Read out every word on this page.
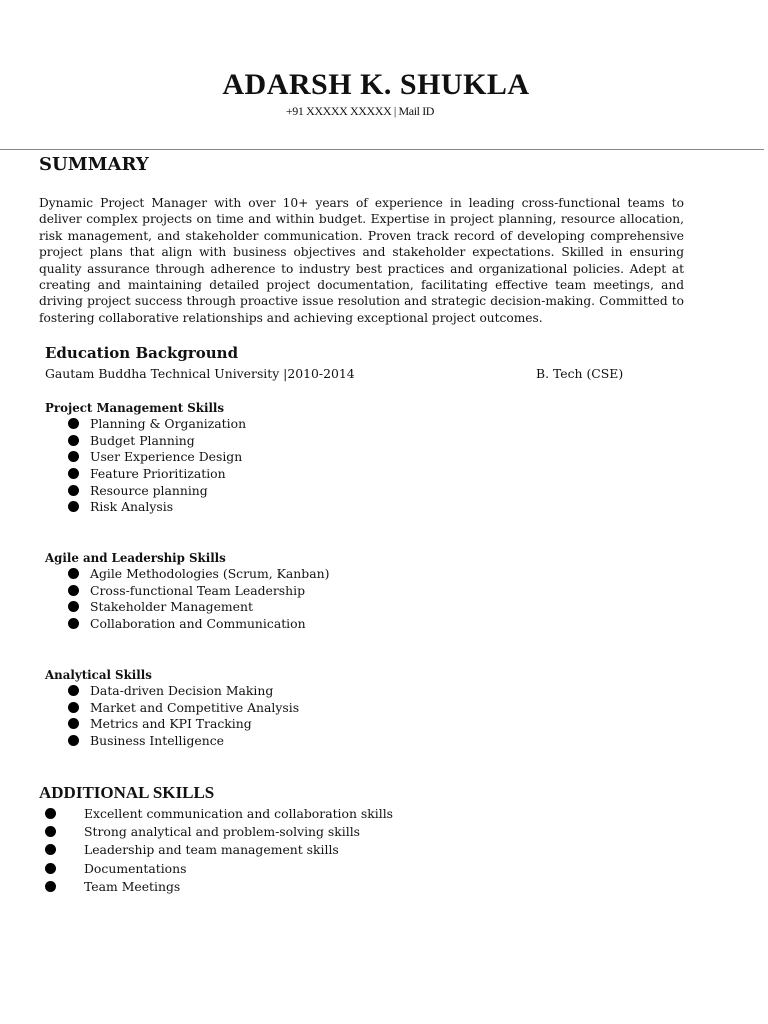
ADARSH K. SHUKLA
+91 XXXXX XXXXX | Mail ID
SUMMARY

Dynamic Project Manager with over 10+ years of experience in leading cross-functional teams to deliver complex projects on time and within budget. Expertise in project planning, resource allocation, risk management, and stakeholder communication. Proven track record of developing comprehensive project plans that align with business objectives and stakeholder expectations. Skilled in ensuring quality assurance through adherence to industry best practices and organizational policies. Adept at creating and maintaining detailed project documentation, facilitating effective team meetings, and driving project success through proactive issue resolution and strategic decision-making. Committed to fostering collaborative relationships and achieving exceptional project outcomes.

Education Background
Gautam Buddha Technical University |2010-2014	B. Tech (CSE)
Project Management Skills
Planning & Organization
Budget Planning
User Experience Design
Feature Prioritization
Resource planning
Risk Analysis
Agile and Leadership Skills
Agile Methodologies (Scrum, Kanban)
Cross-functional Team Leadership
Stakeholder Management
Collaboration and Communication
Analytical Skills
Data-driven Decision Making
Market and Competitive Analysis
Metrics and KPI Tracking
Business Intelligence
ADDITIONAL SKILLS
Excellent communication and collaboration skills
Strong analytical and problem-solving skills
Leadership and team management skills
Documentations
Team Meetings
